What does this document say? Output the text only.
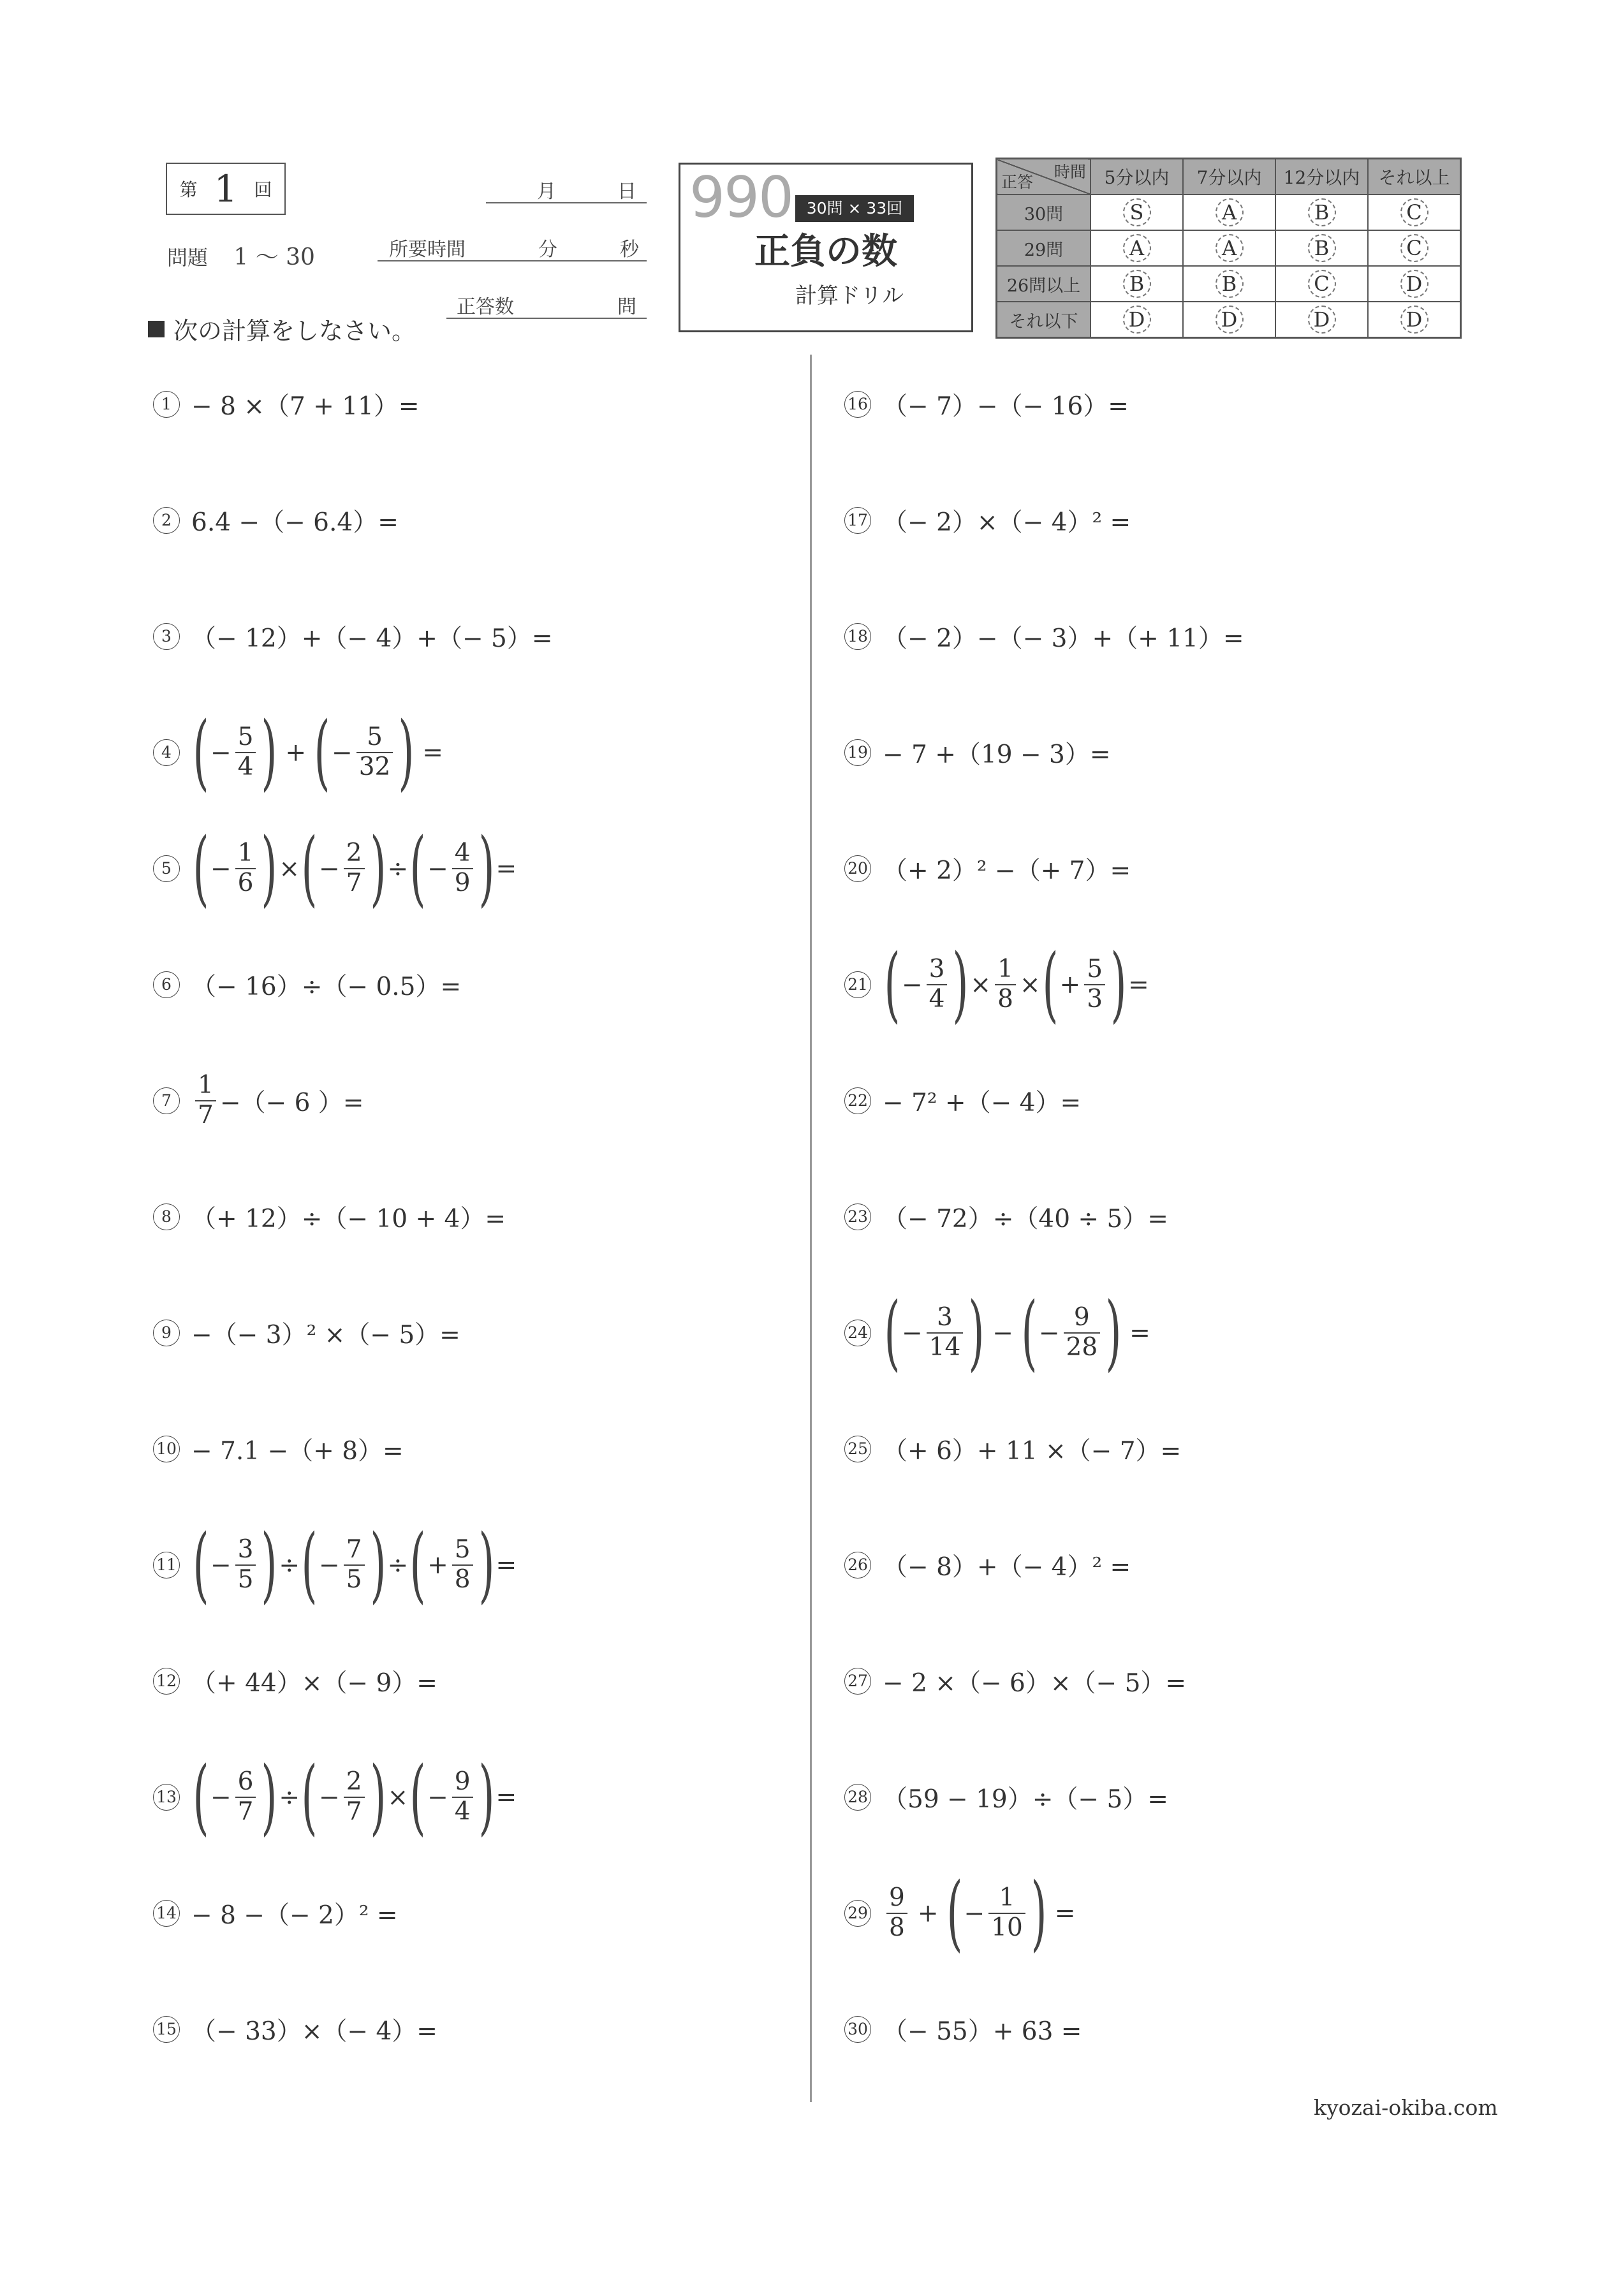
第 1 回	月	日
問題 1 〜 30	所要時間	分	秒
正答数	問
次の計算をしなさい。
990 30問 × 33回
正負の数
計算ドリル
正答
時間	5分以内	7分以内	12分以内	それ以上
30問	S	A	B	C
29問	A	A	B	C
26問以上	B	B	C	D
それ以下	D	D	D	D
1 − 8 ×（7 + 11）=
2 6.4 −（− 6.4）=
3 （− 12）+（− 4）+（− 5）=
4 ( − $\frac{5}{4}$ ) + ( − $\frac{5}{32}$ ) =
5 ( − $\frac{1}{6}$ ) × ( − $\frac{2}{7}$ ) ÷ ( − $\frac{4}{9}$ ) =
6 （− 16）÷（− 0.5）=
$7 \frac{1}{7}$ −（− 6 ）=
8 （+ 12）÷（− 10 + 4）=
9 −（− 3）² ×（− 5）=
10 − 7.1 −（+ 8）=
11 ( − $\frac{3}{5}$ ) ÷ ( − $\frac{7}{5}$ ) ÷ ( + $\frac{5}{8}$ ) =
12 （+ 44）×（− 9）=
13 ( − $\frac{6}{7}$ ) ÷ ( − $\frac{2}{7}$ ) × ( − $\frac{9}{4}$ ) =
14 − 8 −（− 2）² =
15 （− 33）×（− 4）=
16 （− 7）−（− 16）=
17 （− 2）×（− 4）² =
18 （− 2）−（− 3）+（+ 11）=
19 − 7 +（19 − 3）=
20 （+ 2）² −（+ 7）=
21 ( − $\frac{3}{4}$ ) × $\frac{1}{8}$ × ( + $\frac{5}{3}$ ) =
22 − 7² +（− 4）=
23 （− 72）÷（40 ÷ 5）=
24 ( − $\frac{3}{14}$ ) − ( − $\frac{9}{28}$ ) =
25 （+ 6）+ 11 ×（− 7）=
26 （− 8）+（− 4）² =
27 − 2 ×（− 6）×（− 5）=
28 （59 − 19）÷（− 5）=
$29 \frac{9}{8}$ + ( − $\frac{1}{10}$ ) =
30 （− 55）+ 63 =
kyozai-okiba.com
